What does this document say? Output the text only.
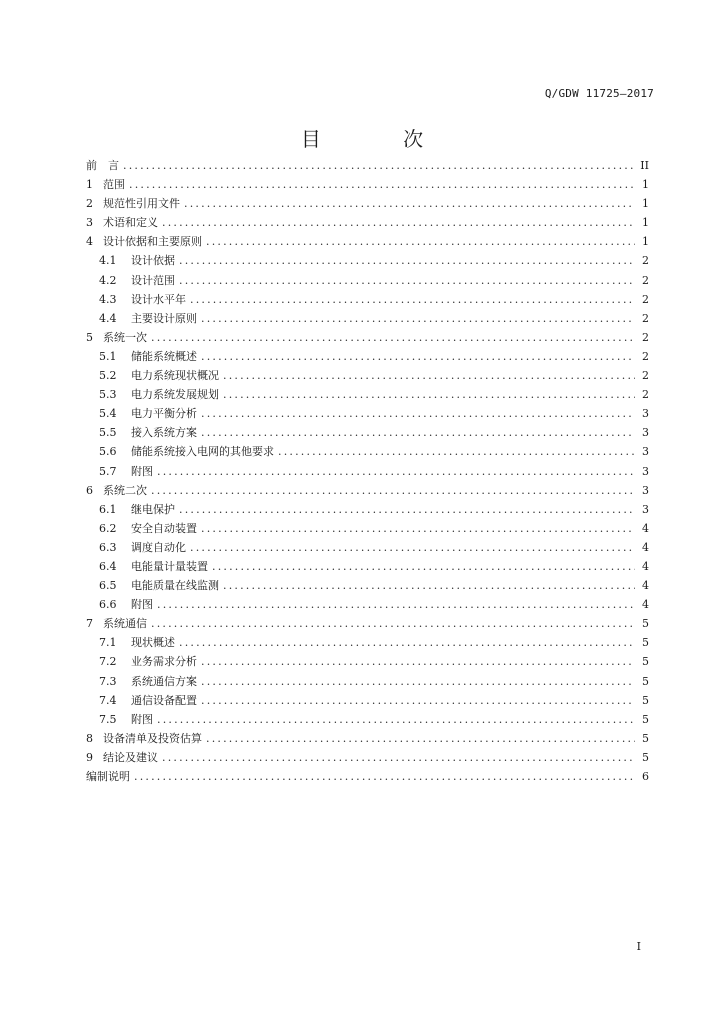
Q/GDW 11725—2017
目 次
前　言 .....	II
1 范围 .....	1
2 规范性引用文件 .....	1
3 术语和定义 .....	1
4 设计依据和主要原则 .....	1
4.1	设计依据 .....	2
4.2	设计范围 .....	2
4.3	设计水平年 .....	2
4.4	主要设计原则 .....	2
5 系统一次 .....	2
5.1	储能系统概述 .....	2
5.2	电力系统现状概况 .....	2
5.3	电力系统发展规划 .....	2
5.4	电力平衡分析 .....	3
5.5	接入系统方案 .....	3
5.6	储能系统接入电网的其他要求 .....	3
5.7	附图 .....	3
6 系统二次 .....	3
6.1	继电保护 .....	3
6.2	安全自动装置 .....	4
6.3	调度自动化 .....	4
6.4	电能量计量装置 .....	4
6.5	电能质量在线监测 .....	4
6.6	附图 .....	4
7 系统通信 .....	5
7.1	现状概述 .....	5
7.2	业务需求分析 .....	5
7.3	系统通信方案 .....	5
7.4	通信设备配置 .....	5
7.5	附图 .....	5
8 设备清单及投资估算 .....	5
9 结论及建议 .....	5
编制说明 .....	6
I
